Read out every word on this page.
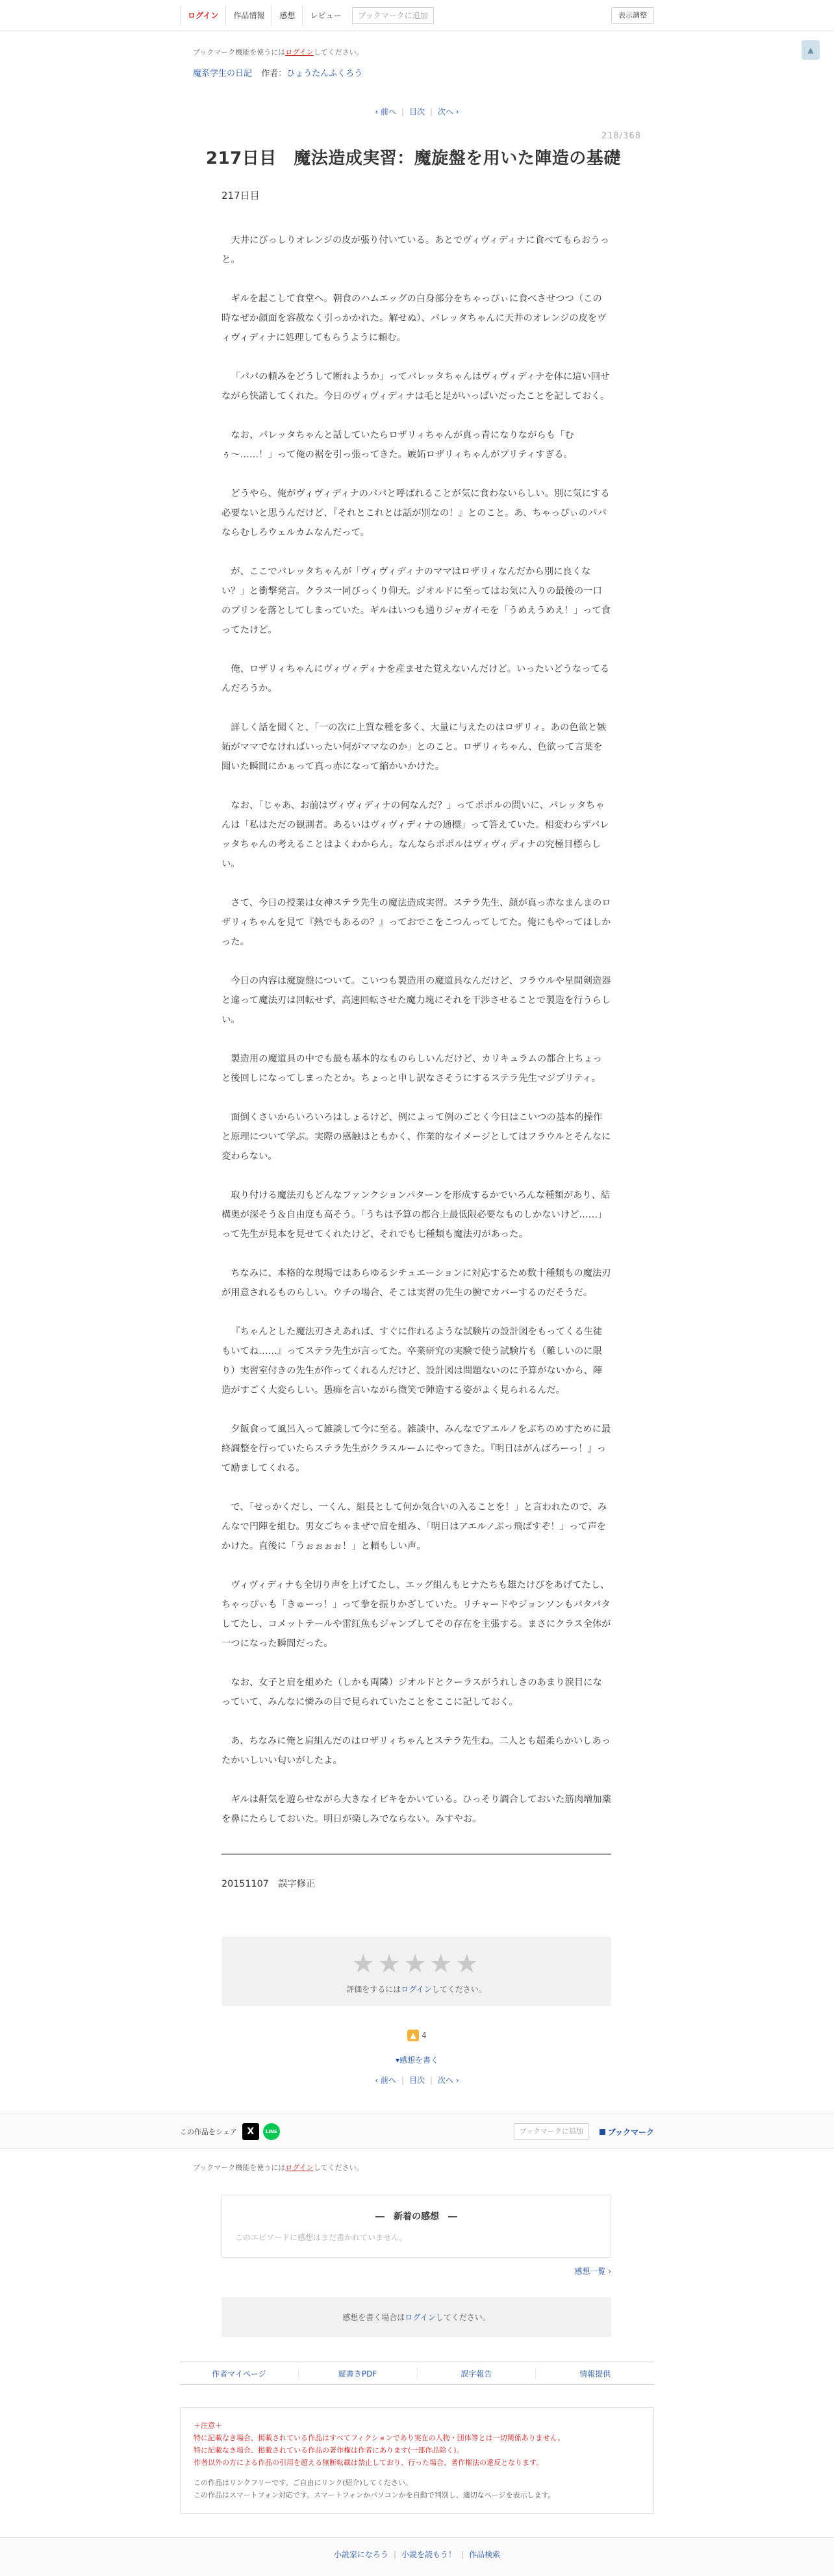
ログイン	作品情報	感想	レビュー	ブックマークに追加	表示調整
▲
ブックマーク機能を使うにはログインしてください。
魔系学生の日記 作者：ひょうたんふくろう
‹ 前へ | 目次 | 次へ ›
218/368
217日目　魔法造成実習：魔旋盤を用いた陣造の基礎
217日目

天井にびっしりオレンジの皮が張り付いている。あとでヴィヴィディナに食べてもらおうっと。

ギルを起こして食堂へ。朝食のハムエッグの白身部分をちゃっぴぃに食べさせつつ（この時なぜか顔面を容赦なく引っかかれた。解せぬ）、パレッタちゃんに天井のオレンジの皮をヴィヴィディナに処理してもらうように頼む。

「パパの頼みをどうして断れようか」ってパレッタちゃんはヴィヴィディナを体に這い回せながら快諾してくれた。今日のヴィヴィディナは毛と足がいっぱいだったことを記しておく。

なお、パレッタちゃんと話していたらロザリィちゃんが真っ青になりながらも「むぅ〜……！」って俺の裾を引っ張ってきた。嫉妬ロザリィちゃんがプリティすぎる。

どうやら、俺がヴィヴィディナのパパと呼ばれることが気に食わないらしい。別に気にする必要ないと思うんだけど、『それとこれとは話が別なの！』とのこと。あ、ちゃっぴぃのパパならむしろウェルカムなんだって。

が、ここでパレッタちゃんが「ヴィヴィディナのママはロザリィなんだから別に良くない？」と衝撃発言。クラス一同びっくり仰天。ジオルドに至ってはお気に入りの最後の一口のプリンを落としてしまっていた。ギルはいつも通りジャガイモを「うめえうめえ！」って食ってたけど。

俺、ロザリィちゃんにヴィヴィディナを産ませた覚えないんだけど。いったいどうなってるんだろうか。

詳しく話を聞くと、「一の次に上質な種を多く、大量に与えたのはロザリィ。あの色欲と嫉妬がママでなければいったい何がママなのか」とのこと。ロザリィちゃん、色欲って言葉を聞いた瞬間にかぁって真っ赤になって縮かいかけた。

なお、「じゃあ、お前はヴィヴィディナの何なんだ？」ってポポルの問いに、パレッタちゃんは「私はただの観測者。あるいはヴィヴィディナの通標」って答えていた。相変わらずパレッタちゃんの考えることはよくわからん。なんならポポルはヴィヴィディナの究極目標らしい。

さて、今日の授業は女神ステラ先生の魔法造成実習。ステラ先生、顔が真っ赤なまんまのロザリィちゃんを見て『熱でもあるの？』っておでこをこつんってしてた。俺にもやってほしかった。

今日の内容は魔旋盤について。こいつも製造用の魔道具なんだけど、フラウルや星間剣造器と違って魔法刃は回転せず、高速回転させた魔力塊にそれを干渉させることで製造を行うらしい。

製造用の魔道具の中でも最も基本的なものらしいんだけど、カリキュラムの都合上ちょっと後回しになってしまったとか。ちょっと申し訳なさそうにするステラ先生マジプリティ。

面倒くさいからいろいろはしょるけど、例によって例のごとく今日はこいつの基本的操作と原理について学ぶ。実際の感触はともかく、作業的なイメージとしてはフラウルとそんなに変わらない。

取り付ける魔法刃もどんなファンクションパターンを形成するかでいろんな種類があり、結構奥が深そう＆自由度も高そう。「うちは予算の都合上最低限必要なものしかないけど……」って先生が見本を見せてくれたけど、それでも七種類も魔法刃があった。

ちなみに、本格的な現場ではあらゆるシチュエーションに対応するため数十種類もの魔法刃が用意されるものらしい。ウチの場合、そこは実習の先生の腕でカバーするのだそうだ。

『ちゃんとした魔法刃さえあれば、すぐに作れるような試験片の設計図をもってくる生徒もいてね……』ってステラ先生が言ってた。卒業研究の実験で使う試験片も（難しいのに限り）実習室付きの先生が作ってくれるんだけど、設計図は問題ないのに予算がないから、陣造がすごく大変らしい。愚痴を言いながら微笑で陣造する姿がよく見られるんだ。

夕飯食って風呂入って雑談して今に至る。雑談中、みんなでアエルノをぶちのめすために最終調整を行っていたらステラ先生がクラスルームにやってきた。『明日はがんばろーっ！』って励ましてくれる。

で、「せっかくだし、一くん、組長として何か気合いの入ることを！」と言われたので、みんなで円陣を組む。男女ごちゃまぜで肩を組み、「明日はアエルノぶっ飛ばすぞ！」って声をかけた。直後に「うぉぉぉぉ！」と頼もしい声。

ヴィヴィディナも全切り声を上げてたし、エッグ組んもヒナたちも雄たけびをあげてたし、ちゃっぴぃも「きゅーっ！」って拳を振りかざしていた。リチャードやジョンソンもパタパタしてたし、コメットテールや雷紅魚もジャンプしてその存在を主張する。まさにクラス全体が一つになった瞬間だった。

なお、女子と肩を組めた（しかも両隣）ジオルドとクーラスがうれしさのあまり涙目になっていて、みんなに憐みの目で見られていたことをここに記しておく。

あ、ちなみに俺と肩組んだのはロザリィちゃんとステラ先生ね。二人とも超柔らかいしあったかいしいい匂いがしたよ。

ギルは鼾気を遊らせながら大きなイビキをかいている。ひっそり調合しておいた筋肉増加薬を鼻にたらしておいた。明日が楽しみでならない。みすやお。

20151107　誤字修正
★★★★★
評価をするにはログインしてください。
▲ 4
▾感想を書く
‹ 前へ | 目次 | 次へ ›
この作品をシェア	X	LINE	ブックマークに追加	ブックマーク
ブックマーク機能を使うにはログインしてください。
―　新着の感想　―
このエピソードに感想はまだ書かれていません。
感想一覧 ›
感想を書く場合はログインしてください。
作者マイページ	縦書きPDF	誤字報告	情報提供
＋注意＋
特に記載なき場合、掲載されている作品はすべてフィクションであり実在の人物・団体等とは一切関係ありません。
特に記載なき場合、掲載されている作品の著作権は作者にあります(一部作品除く)。
作者以外の方による作品の引用を超える無断転載は禁止しており、行った場合、著作権法の違反となります。
この作品はリンクフリーです。ご自由にリンク(紹介)してください。
この作品はスマートフォン対応です。スマートフォンかパソコンかを自動で判別し、適切なページを表示します。
小説家になろう | 小説を読もう！ | 作品検索
